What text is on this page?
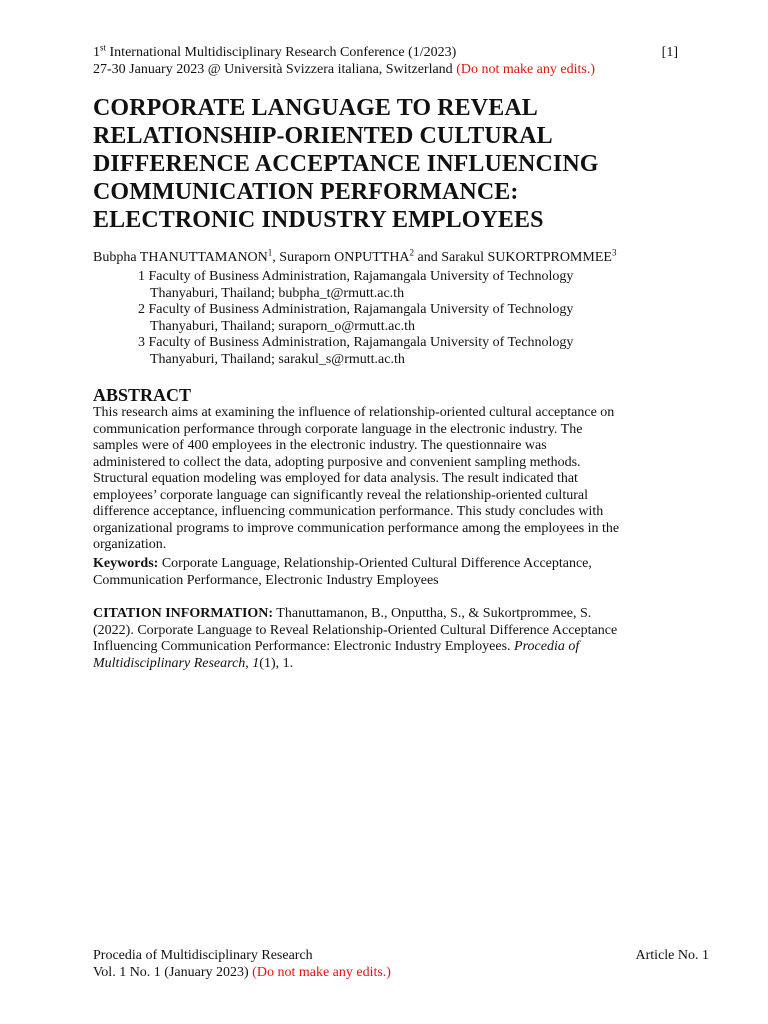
1st International Multidisciplinary Research Conference (1/2023)	[1]
27-30 January 2023 @ Università Svizzera italiana, Switzerland (Do not make any edits.)
CORPORATE LANGUAGE TO REVEAL
RELATIONSHIP-ORIENTED CULTURAL
DIFFERENCE ACCEPTANCE INFLUENCING
COMMUNICATION PERFORMANCE:
ELECTRONIC INDUSTRY EMPLOYEES
Bubpha THANUTTAMANON$^1$, Suraporn ONPUTTHA$^2$ and Sarakul SUKORTPROMMEE$^3$
1 Faculty of Business Administration, Rajamangala University of Technology
Thanyaburi, Thailand; bubpha_t@rmutt.ac.th
2 Faculty of Business Administration, Rajamangala University of Technology
Thanyaburi, Thailand; suraporn_o@rmutt.ac.th
3 Faculty of Business Administration, Rajamangala University of Technology
Thanyaburi, Thailand; sarakul_s@rmutt.ac.th
ABSTRACT
This research aims at examining the influence of relationship-oriented cultural acceptance on
communication performance through corporate language in the electronic industry. The
samples were of 400 employees in the electronic industry. The questionnaire was
administered to collect the data, adopting purposive and convenient sampling methods.
Structural equation modeling was employed for data analysis. The result indicated that
employees’ corporate language can significantly reveal the relationship-oriented cultural
difference acceptance, influencing communication performance. This study concludes with
organizational programs to improve communication performance among the employees in the
organization.
Keywords: Corporate Language, Relationship-Oriented Cultural Difference Acceptance,
Communication Performance, Electronic Industry Employees
CITATION INFORMATION: Thanuttamanon, B., Onputtha, S., & Sukortprommee, S.
(2022). Corporate Language to Reveal Relationship-Oriented Cultural Difference Acceptance
Influencing Communication Performance: Electronic Industry Employees. Procedia of
Multidisciplinary Research, 1(1), 1.
Procedia of Multidisciplinary Research	Article No. 1
Vol. 1 No. 1 (January 2023) (Do not make any edits.)
